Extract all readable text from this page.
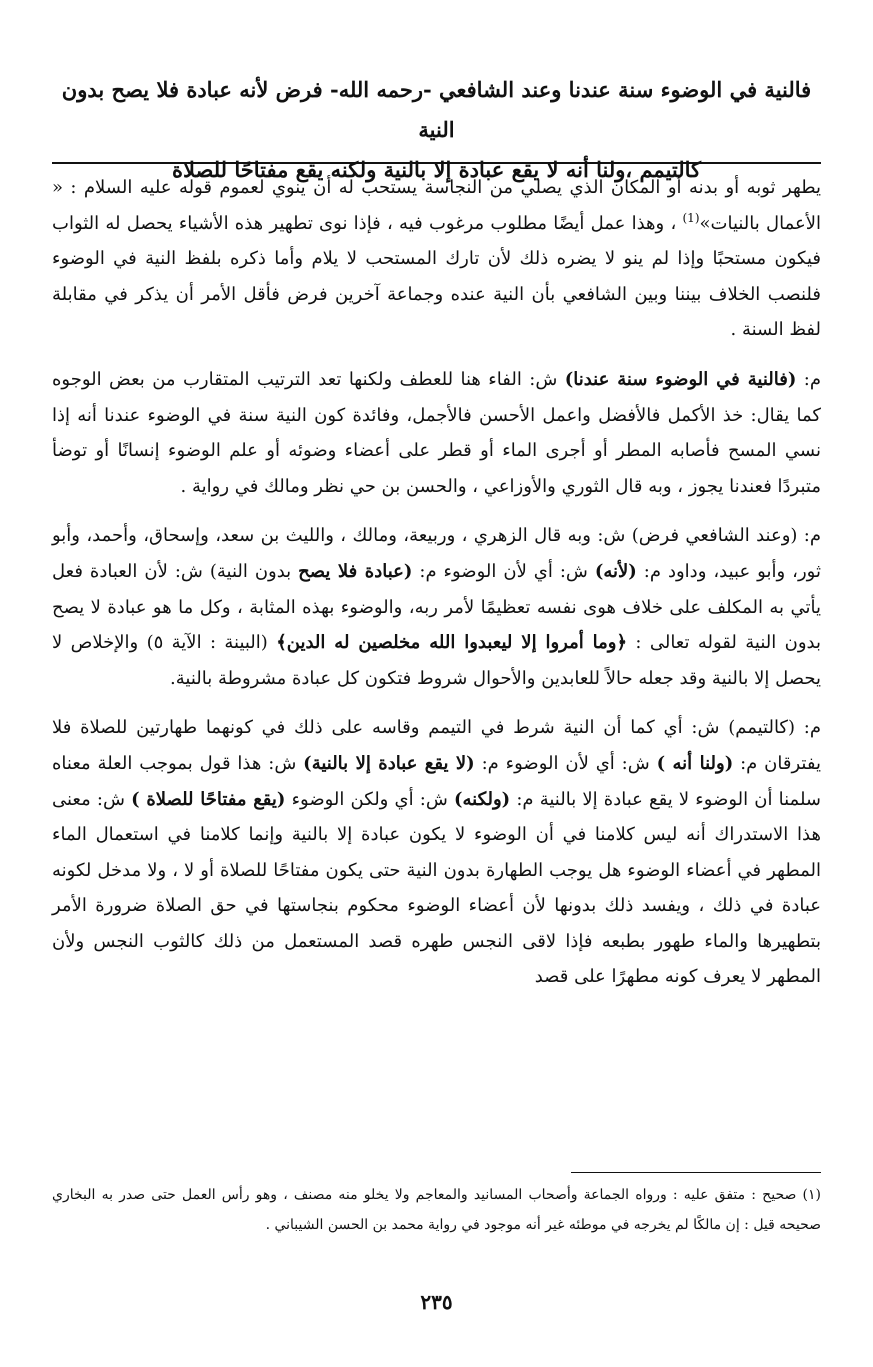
فالنية في الوضوء سنة عندنا وعند الشافعي -رحمه الله- فرض لأنه عبادة فلا يصح بدون النية

كالتيمم ،ولنا أنه لا يقع عبادة إلا بالنية ولكنه يقع مفتاحًا للصلاة

يطهر ثوبه أو بدنه أو المكان الذي يصلي من النجاسة يستحب له أن ينوي لعموم قوله عليه السلام : « الأعمال بالنيات»$^{(1)}$ ، وهذا عمل أيضًا مطلوب مرغوب فيه ، فإذا نوى تطهير هذه الأشياء يحصل له الثواب فيكون مستحبًا وإذا لم ينو لا يضره ذلك لأن تارك المستحب لا يلام وأما ذكره بلفظ النية في الوضوء فلنصب الخلاف بيننا وبين الشافعي بأن النية عنده وجماعة آخرين فرض فأقل الأمر أن يذكر في مقابلة لفظ السنة .

م: (فالنية في الوضوء سنة عندنا) ش: الفاء هنا للعطف ولكنها تعد الترتيب المتقارب من بعض الوجوه كما يقال: خذ الأكمل فالأفضل واعمل الأحسن فالأجمل، وفائدة كون النية سنة في الوضوء عندنا أنه إذا نسي المسح فأصابه المطر أو أجرى الماء أو قطر على أعضاء وضوئه أو علم الوضوء إنسانًا أو توضأ متبردًا فعندنا يجوز ، وبه قال الثوري والأوزاعي ، والحسن بن حي نظر ومالك في رواية .

م: (وعند الشافعي فرض) ش: وبه قال الزهري ، وربيعة، ومالك ، والليث بن سعد، وإسحاق، وأحمد، وأبو ثور، وأبو عبيد، وداود م: (لأنه) ش: أي لأن الوضوء م: (عبادة فلا يصح بدون النية) ش: لأن العبادة فعل يأتي به المكلف على خلاف هوى نفسه تعظيمًا لأمر ربه، والوضوء بهذه المثابة ، وكل ما هو عبادة لا يصح بدون النية لقوله تعالى : ﴿وما أمروا إلا ليعبدوا الله مخلصين له الدين﴾ (البينة : الآية ٥) والإخلاص لا يحصل إلا بالنية وقد جعله حالاً للعابدين والأحوال شروط فتكون كل عبادة مشروطة بالنية.

م: (كالتيمم) ش: أي كما أن النية شرط في التيمم وقاسه على ذلك في كونهما طهارتين للصلاة فلا يفترقان م: (ولنا أنه ) ش: أي لأن الوضوء م: (لا يقع عبادة إلا بالنية) ش: هذا قول بموجب العلة معناه سلمنا أن الوضوء لا يقع عبادة إلا بالنية م: (ولكنه) ش: أي ولكن الوضوء (يقع مفتاحًا للصلاة ) ش: معنى هذا الاستدراك أنه ليس كلامنا في أن الوضوء لا يكون عبادة إلا بالنية وإنما كلامنا في استعمال الماء المطهر في أعضاء الوضوء هل يوجب الطهارة بدون النية حتى يكون مفتاحًا للصلاة أو لا ، ولا مدخل لكونه عبادة في ذلك ، ويفسد ذلك بدونها لأن أعضاء الوضوء محكوم بنجاستها في حق الصلاة ضرورة الأمر بتطهيرها والماء طهور بطبعه فإذا لاقى النجس طهره قصد المستعمل من ذلك كالثوب النجس ولأن المطهر لا يعرف كونه مطهرًا على قصد

(١) صحيح : متفق عليه : ورواه الجماعة وأصحاب المسانيد والمعاجم ولا يخلو منه مصنف ، وهو رأس العمل حتى صدر به البخاري صحيحه قيل : إن مالكًا لم يخرجه في موطئه غير أنه موجود في رواية محمد بن الحسن الشيباني .

٢٣٥
